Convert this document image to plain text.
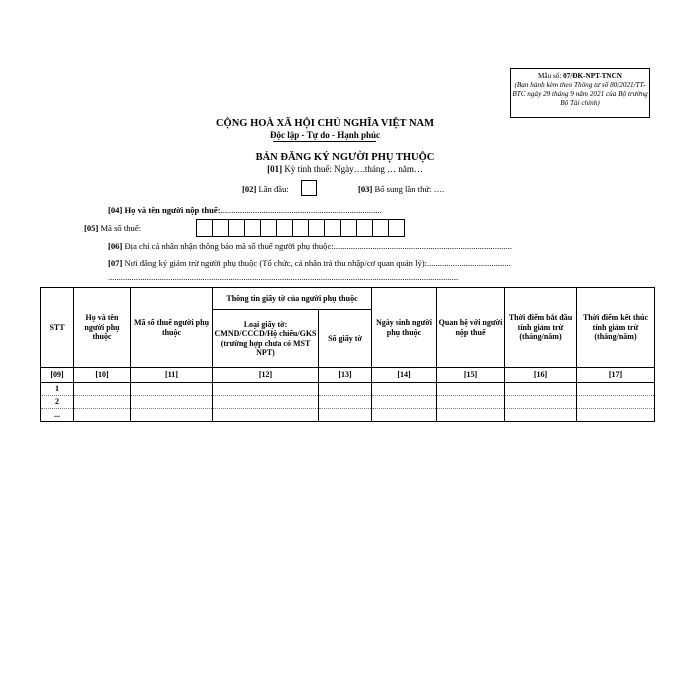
Mẫu số: 07/ĐK-NPT-TNCN
(Ban hành kèm theo Thông tư số 80/2021/TT-BTC ngày 29 tháng 9 năm 2021 của Bộ trưởng Bộ Tài chính)
CỘNG HOÀ XÃ HỘI CHỦ NGHĨA VIỆT NAM
Độc lập - Tự do - Hạnh phúc
BẢN ĐĂNG KÝ NGƯỜI PHỤ THUỘC
[01] Kỳ tính thuế: Ngày….tháng … năm…
[02] Lần đầu:	[03] Bổ sung lần thứ: ….
[04] Họ và tên người nộp thuế:...........................................................................
[05] Mã số thuế:
[06] Địa chỉ cá nhân nhận thông báo mã số thuế người phụ thuộc:...................................................................................
[07] Nơi đăng ký giảm trừ người phụ thuộc (Tổ chức, cá nhân trả thu nhập/cơ quan quản lý):.......................................
...................................................................................................................................................................
STT	Họ và tên người phụ thuộc	Mã số thuế người phụ thuộc	Thông tin giấy tờ của người phụ thuộc		Ngày sinh người phụ thuộc	Quan hệ với người nộp thuế	Thời điểm bắt đầu tính giảm trừ (tháng/năm)	Thời điểm kết thúc tính giảm trừ (tháng/năm)
			Loại giấy tờ: CMND/CCCD/Hộ chiếu/GKS (trường hợp chưa có MST NPT)	Số giấy tờ				
[09]	[10]	[11]	[12]	[13]	[14]	[15]	[16]	[17]
1								
2								
...								
